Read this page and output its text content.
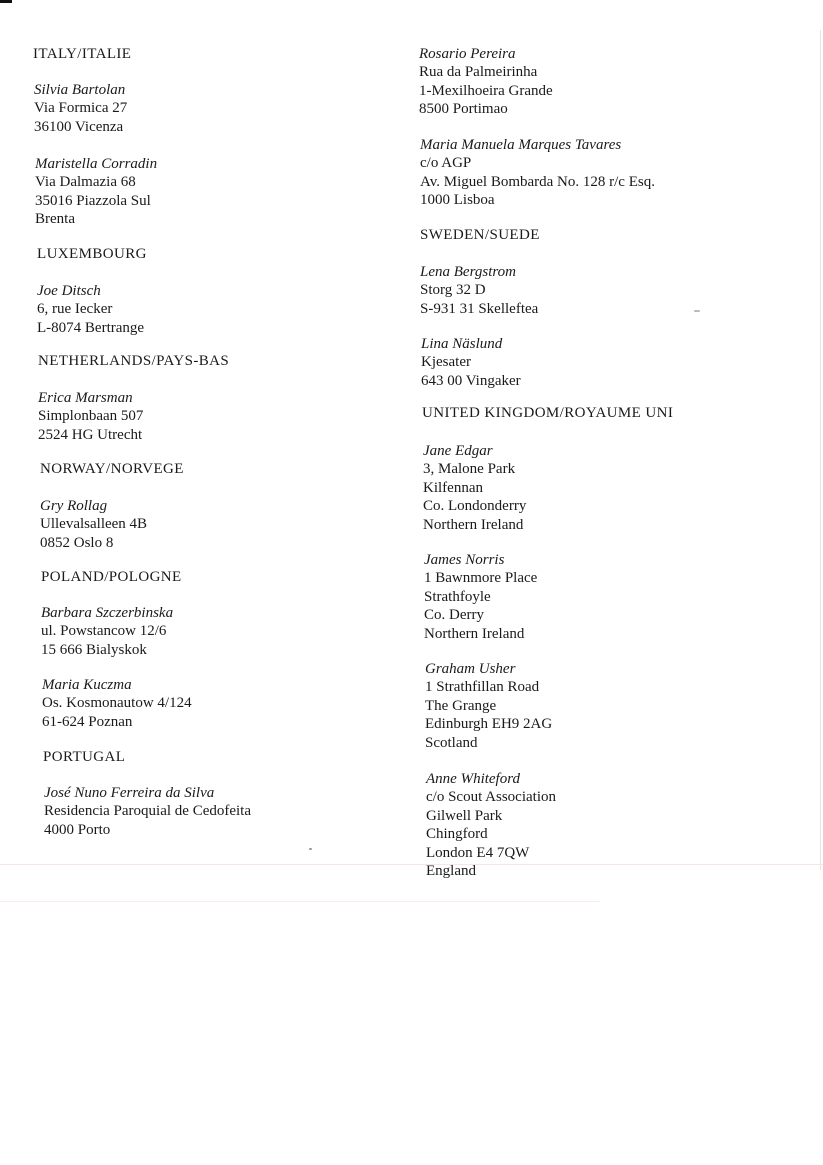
ITALY/ITALIE
Silvia Bartolan
Via Formica 27
36100 Vicenza
Maristella Corradin
Via Dalmazia 68
35016 Piazzola Sul
Brenta
LUXEMBOURG
Joe Ditsch
6, rue Iecker
L-8074 Bertrange
NETHERLANDS/PAYS-BAS
Erica Marsman
Simplonbaan 507
2524 HG Utrecht
NORWAY/NORVEGE
Gry Rollag
Ullevalsalleen 4B
0852 Oslo 8
POLAND/POLOGNE
Barbara Szczerbinska
ul. Powstancow 12/6
15 666 Bialyskok
Maria Kuczma
Os. Kosmonautow 4/124
61-624 Poznan
PORTUGAL
José Nuno Ferreira da Silva
Residencia Paroquial de Cedofeita
4000 Porto
Rosario Pereira
Rua da Palmeirinha
1-Mexilhoeira Grande
8500 Portimao
Maria Manuela Marques Tavares
c/o AGP
Av. Miguel Bombarda No. 128 r/c Esq.
1000 Lisboa
SWEDEN/SUEDE
Lena Bergstrom
Storg 32 D
S-931 31 Skelleftea
Lina Näslund
Kjesater
643 00 Vingaker
UNITED KINGDOM/ROYAUME UNI
Jane Edgar
3, Malone Park
Kilfennan
Co. Londonderry
Northern Ireland
James Norris
1 Bawnmore Place
Strathfoyle
Co. Derry
Northern Ireland
Graham Usher
1 Strathfillan Road
The Grange
Edinburgh EH9 2AG
Scotland
Anne Whiteford
c/o Scout Association
Gilwell Park
Chingford
London E4 7QW
England
